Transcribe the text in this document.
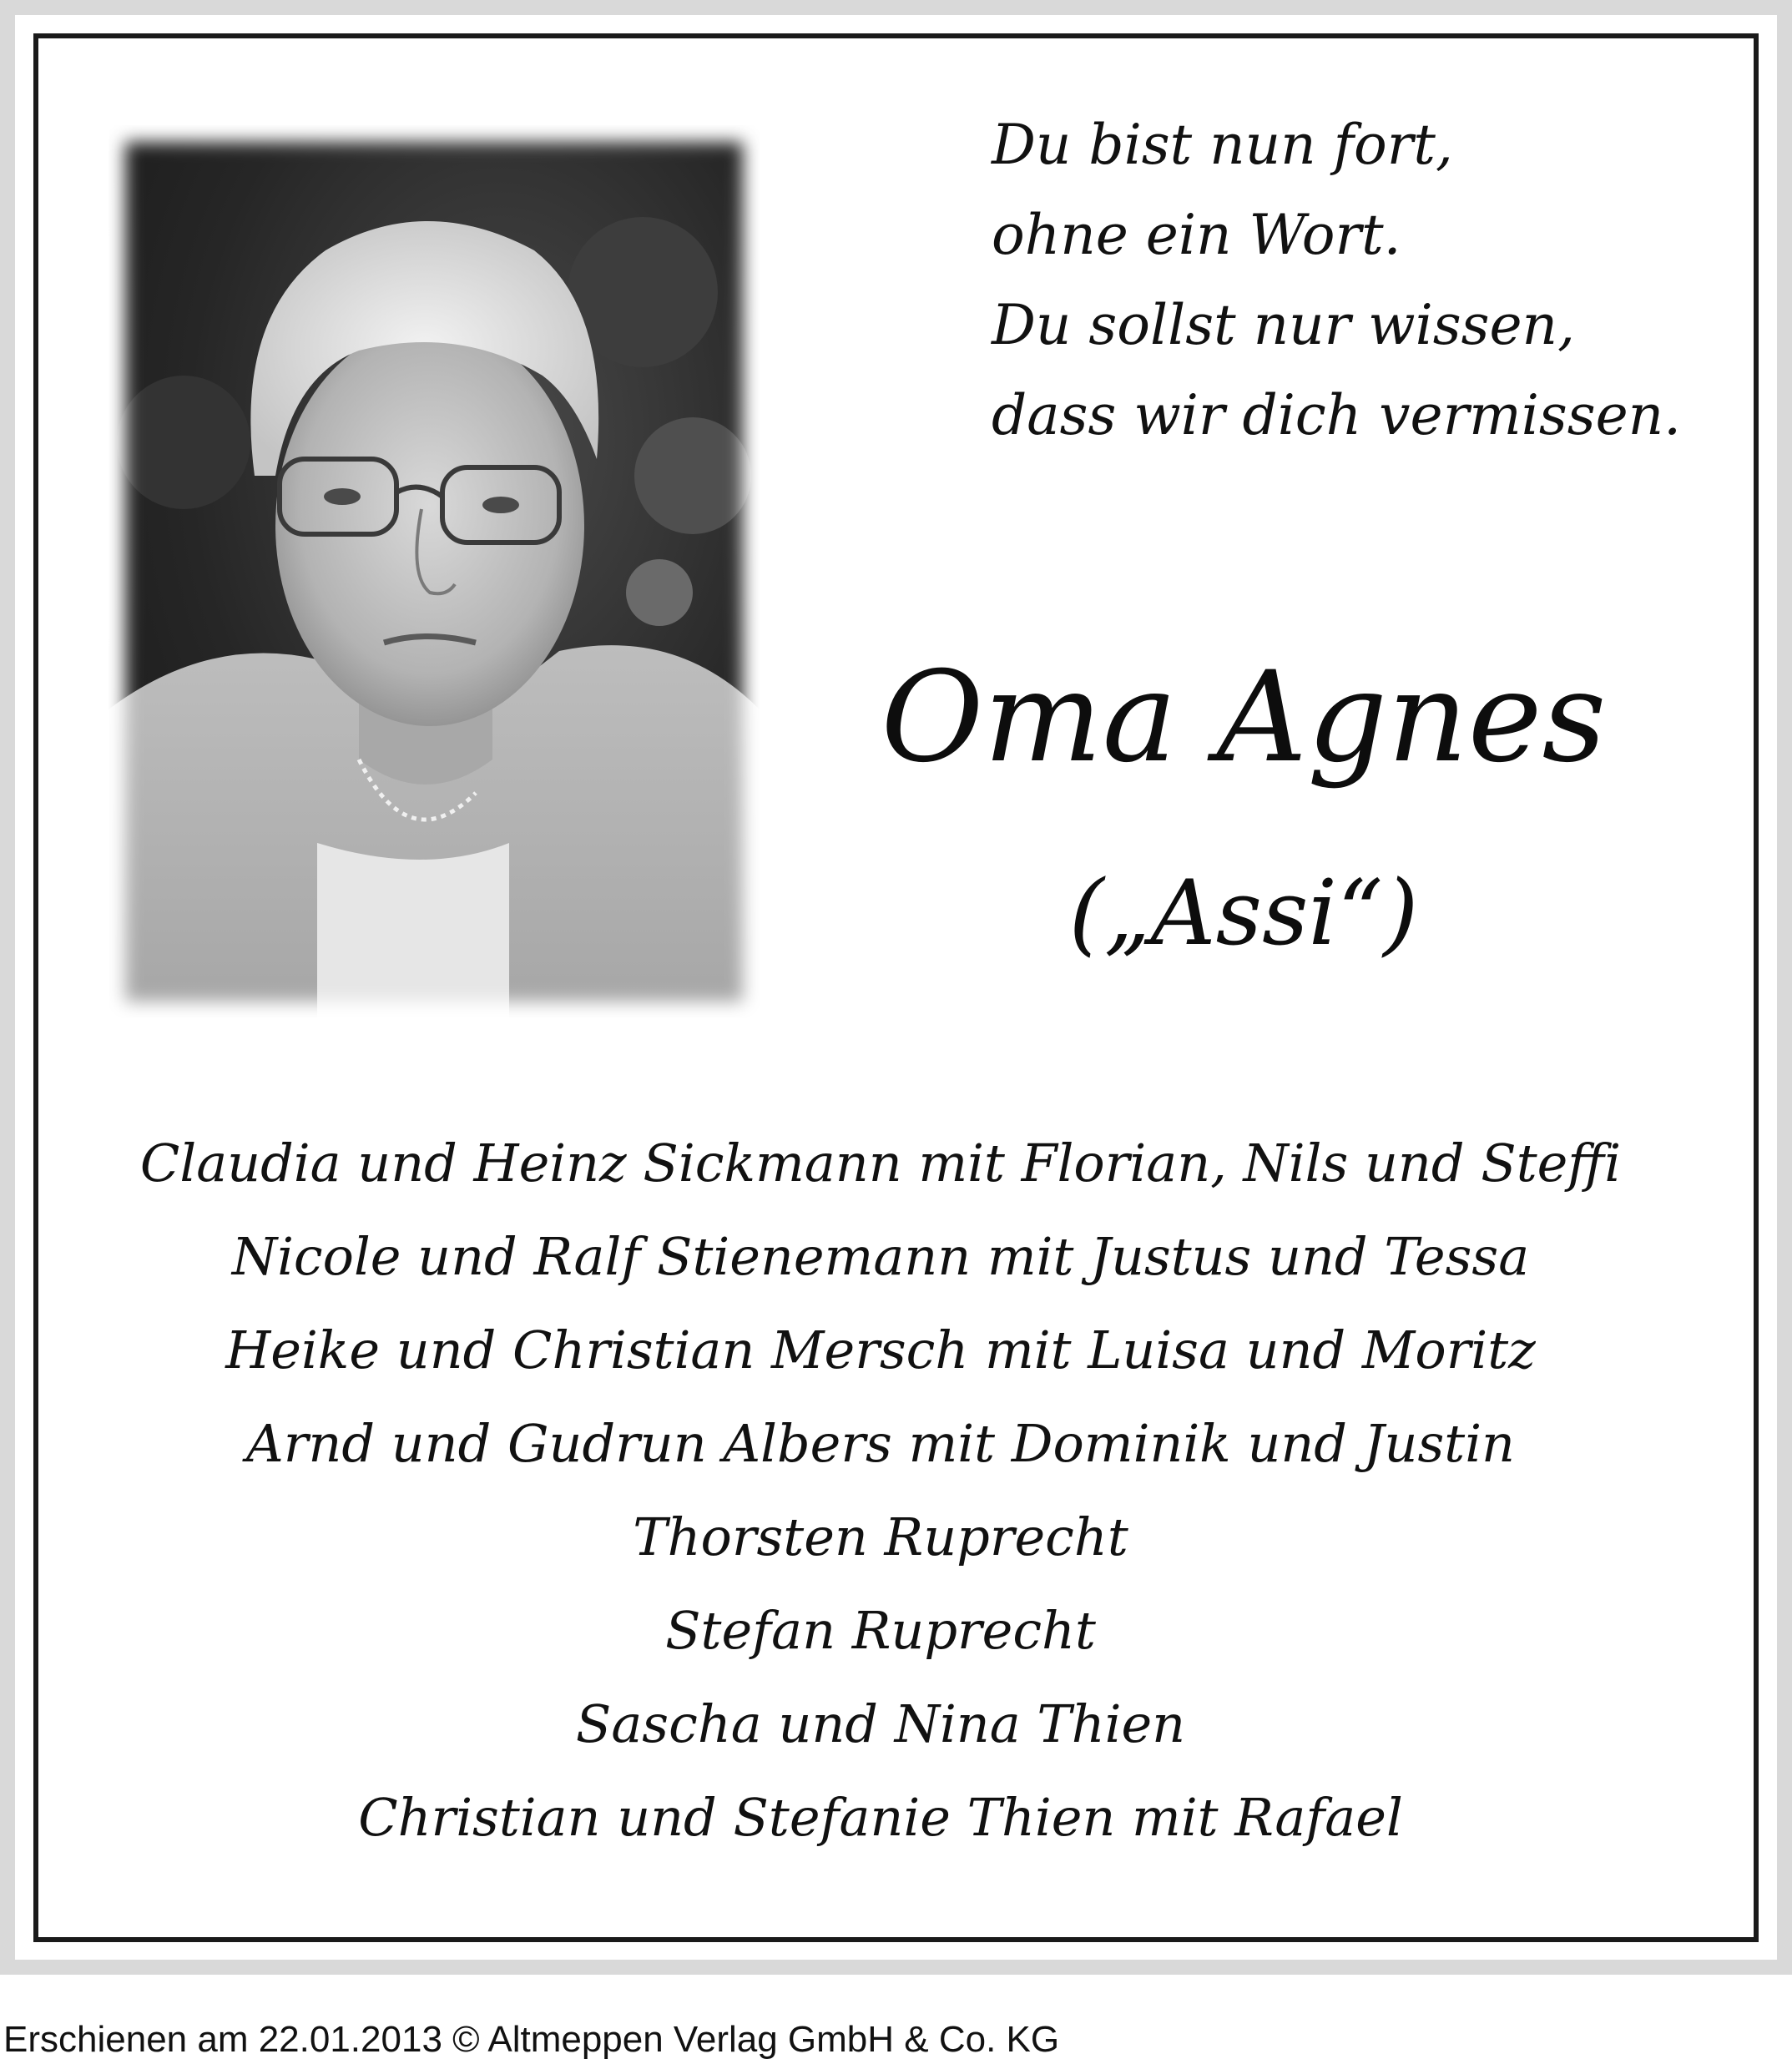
Du bist nun fort,
ohne ein Wort.
Du sollst nur wissen,
dass wir dich vermissen.
Oma Agnes
(„Assi“)
Claudia und Heinz Sickmann mit Florian, Nils und Steffi
Nicole und Ralf Stienemann mit Justus und Tessa
Heike und Christian Mersch mit Luisa und Moritz
Arnd und Gudrun Albers mit Dominik und Justin
Thorsten Ruprecht
Stefan Ruprecht
Sascha und Nina Thien
Christian und Stefanie Thien mit Rafael
Erschienen am 22.01.2013 © Altmeppen Verlag GmbH & Co. KG
